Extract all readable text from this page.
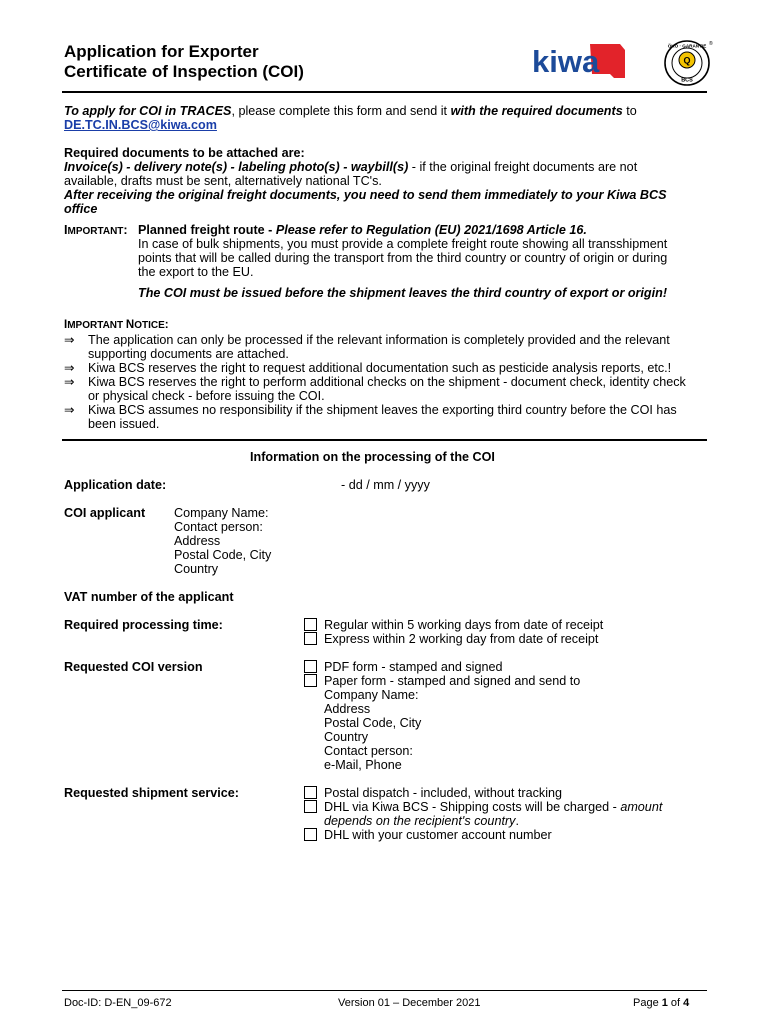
Application for Exporter
Certificate of Inspection (COI)	kiwa	Q
ÖKO · GARANTIE
BCS
®
To apply for COI in TRACES, please complete this form and send it with the required documents to
DE.TC.IN.BCS@kiwa.com
Required documents to be attached are:
Invoice(s) - delivery note(s) - labeling photo(s) - waybill(s) - if the original freight documents are not
available, drafts must be sent, alternatively national TC's.
After receiving the original freight documents, you need to send them immediately to your Kiwa BCS
office
IMPORTANT: Planned freight route - Please refer to Regulation (EU) 2021/1698 Article 16.
In case of bulk shipments, you must provide a complete freight route showing all transshipment
points that will be called during the transport from the third country or country of origin or during
the export to the EU.
The COI must be issued before the shipment leaves the third country of export or origin!
IMPORTANT NOTICE:
⇒ The application can only be processed if the relevant information is completely provided and the relevant
supporting documents are attached.
⇒ Kiwa BCS reserves the right to request additional documentation such as pesticide analysis reports, etc.!
⇒ Kiwa BCS reserves the right to perform additional checks on the shipment - document check, identity check
or physical check - before issuing the COI.
⇒ Kiwa BCS assumes no responsibility if the shipment leaves the exporting third country before the COI has
been issued.
Information on the processing of the COI
Application date:	- dd / mm / yyyy
COI applicant Company Name:
Contact person:
Address
Postal Code, City
Country
VAT number of the applicant
Required processing time:	Regular within 5 working days from date of receipt
Express within 2 working day from date of receipt
Requested COI version	PDF form - stamped and signed
Paper form - stamped and signed and send to
Company Name:
Address
Postal Code, City
Country
Contact person:
e-Mail, Phone
Requested shipment service:	Postal dispatch - included, without tracking
DHL via Kiwa BCS - Shipping costs will be charged - amount
depends on the recipient's country.
DHL with your customer account number
Doc-ID: D-EN_09-672	Version 01 – December 2021	Page 1 of 4
